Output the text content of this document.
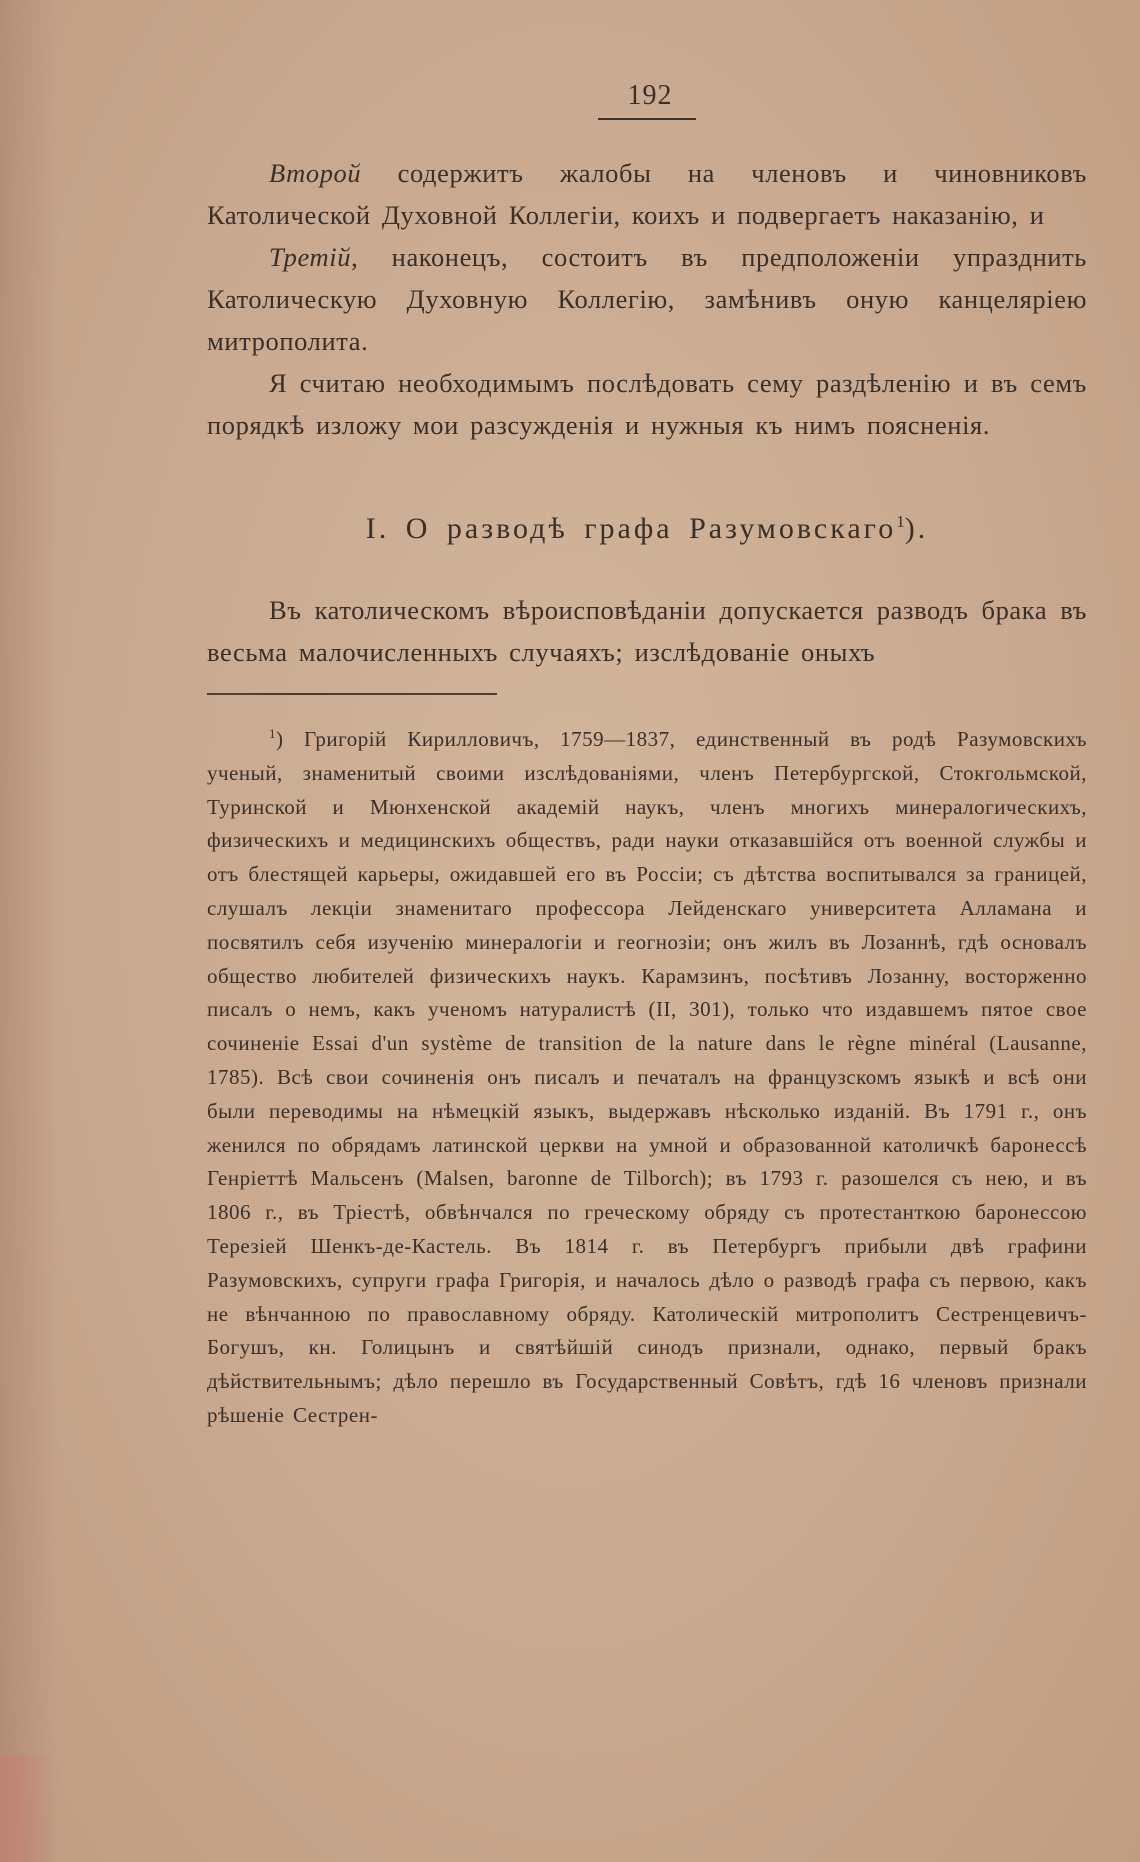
192

Второй содержитъ жалобы на членовъ и чиновниковъ Католической Духовной Коллегіи, коихъ и подвергаетъ наказанію, и

Третій, наконецъ, состоитъ въ предположеніи упразднить Католическую Духовную Коллегію, замѣнивъ оную канцеляріею митрополита.

Я считаю необходимымъ послѣдовать сему раздѣленію и въ семъ порядкѣ изложу мои разсужденія и нужныя къ нимъ поясненія.

I. О разводѣ графа Разумовскаго$^1$).

Въ католическомъ вѣроисповѣданіи допускается разводъ брака въ весьма малочисленныхъ случаяхъ; изслѣдованіе оныхъ

$^1$) Григорій Кирилловичъ, 1759—1837, единственный въ родѣ Разумовскихъ ученый, знаменитый своими изслѣдованіями, членъ Петербургской, Стокгольмской, Туринской и Мюнхенской академій наукъ, членъ многихъ минералогическихъ, физическихъ и медицинскихъ обществъ, ради науки отказавшійся отъ военной службы и отъ блестящей карьеры, ожидавшей его въ Россіи; съ дѣтства воспитывался за границей, слушалъ лекціи знаменитаго профессора Лейденскаго университета Алламана и посвятилъ себя изученію минералогіи и геогнозіи; онъ жилъ въ Лозаннѣ, гдѣ основалъ общество любителей физическихъ наукъ. Карамзинъ, посѣтивъ Лозанну, восторженно писалъ о немъ, какъ ученомъ натуралистѣ (II, 301), только что издавшемъ пятое свое сочиненіе Essai d'un système de transition de la nature dans le règne minéral (Lausanne, 1785). Всѣ свои сочиненія онъ писалъ и печаталъ на французскомъ языкѣ и всѣ они были переводимы на нѣмецкій языкъ, выдержавъ нѣсколько изданій. Въ 1791 г., онъ женился по обрядамъ латинской церкви на умной и образованной католичкѣ баронессѣ Генріеттѣ Мальсенъ (Malsen, baronne de Tilborch); въ 1793 г. разошелся съ нею, и въ 1806 г., въ Тріестѣ, обвѣнчался по греческому обряду съ протестанткою баронессою Терезіей Шенкъ-де-Кастель. Въ 1814 г. въ Петербургъ прибыли двѣ графини Разумовскихъ, супруги графа Григорія, и началось дѣло о разводѣ графа съ первою, какъ не вѣнчанною по православному обряду. Католическій митрополитъ Сестренцевичъ-Богушъ, кн. Голицынъ и святѣйшій синодъ признали, однако, первый бракъ дѣйствительнымъ; дѣло перешло въ Государственный Совѣтъ, гдѣ 16 членовъ признали рѣшеніе Сестрен-
